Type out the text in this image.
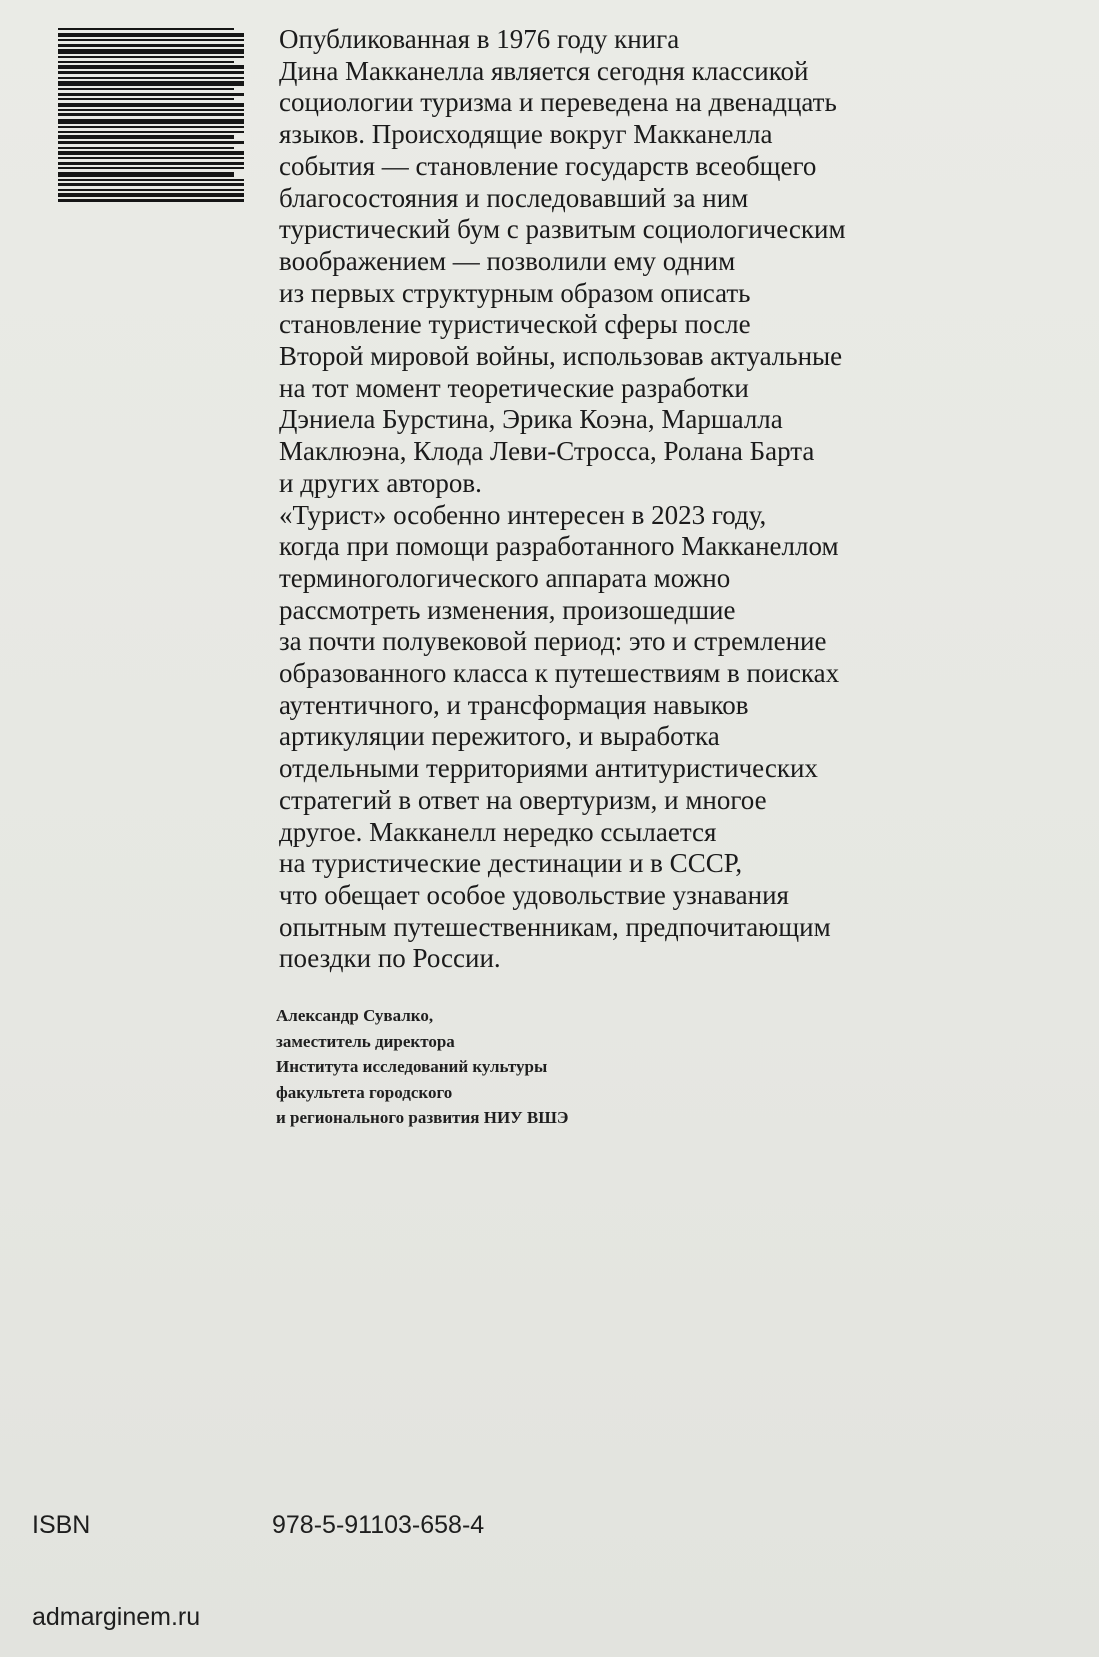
Опубликованная в 1976 году книга
Дина Макканелла является сегодня классикой
социологии туризма и переведена на двенадцать
языков. Происходящие вокруг Макканелла
события — становление государств всеобщего
благосостояния и последовавший за ним
туристический бум с развитым социологическим
воображением — позволили ему одним
из первых структурным образом описать
становление туристической сферы после
Второй мировой войны, использовав актуальные
на тот момент теоретические разработки
Дэниела Бурстина, Эрика Коэна, Маршалла
Маклюэна, Клода Леви-Стросса, Ролана Барта
и других авторов.
«Турист» особенно интересен в 2023 году,
когда при помощи разработанного Макканеллом
терминогологического аппарата можно
рассмотреть изменения, произошедшие
за почти полувековой период: это и стремление
образованного класса к путешествиям в поисках
аутентичного, и трансформация навыков
артикуляции пережитого, и выработка
отдельными территориями антитуристических
стратегий в ответ на овертуризм, и многое
другое. Макканелл нередко ссылается
на туристические дестинации и в СССР,
что обещает особое удовольствие узнавания
опытным путешественникам, предпочитающим
поездки по России.
Александр Сувалко,
заместитель директора
Института исследований культуры
факультета городского
и регионального развития НИУ ВШЭ
ISBN	978-5-91103-658-4
admarginem.ru
